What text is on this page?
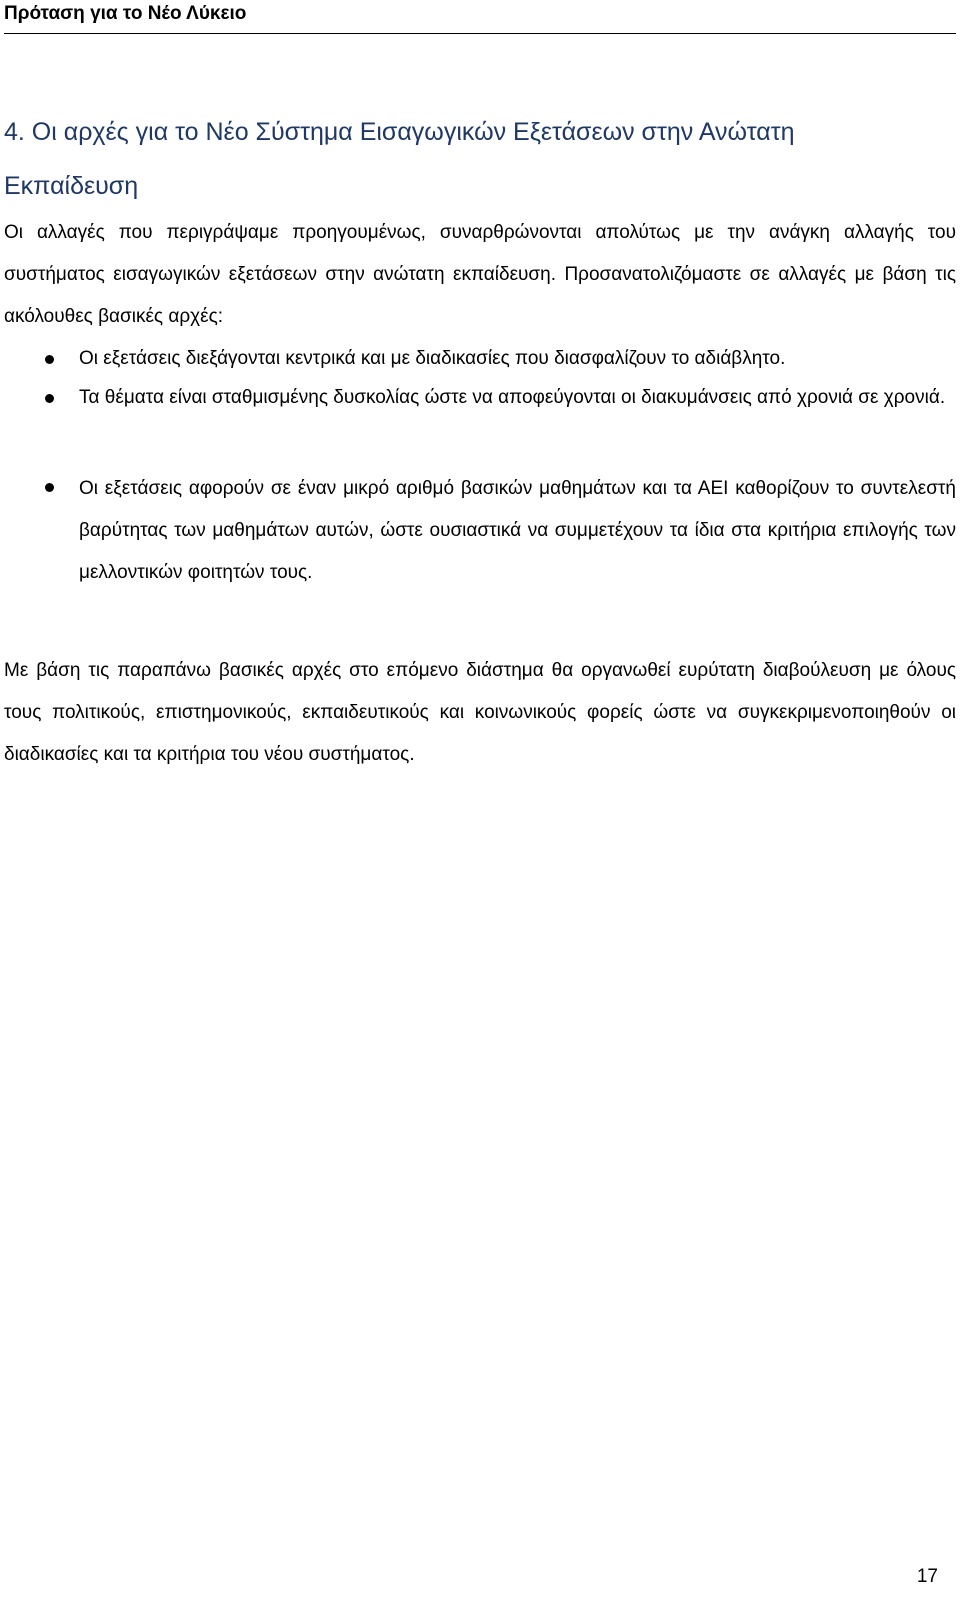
Πρόταση για το Νέο Λύκειο
4. Οι αρχές για το Νέο Σύστημα Εισαγωγικών Εξετάσεων στην Ανώτατη Εκπαίδευση

Οι αλλαγές που περιγράψαμε προηγουμένως, συναρθρώνονται απολύτως με την ανάγκη αλλαγής του συστήματος εισαγωγικών εξετάσεων στην ανώτατη εκπαίδευση. Προσανατολιζόμαστε σε αλλαγές με βάση τις ακόλουθες βασικές αρχές:

Οι εξετάσεις διεξάγονται κεντρικά και με διαδικασίες που διασφαλίζουν το αδιάβλητο.

Τα θέματα είναι σταθμισμένης δυσκολίας ώστε να αποφεύγονται οι διακυμάνσεις από χρονιά σε χρονιά.

Οι εξετάσεις αφορούν σε έναν μικρό αριθμό βασικών μαθημάτων και τα ΑΕΙ καθορίζουν το συντελεστή βαρύτητας των μαθημάτων αυτών, ώστε ουσιαστικά να συμμετέχουν τα ίδια στα κριτήρια επιλογής των μελλοντικών φοιτητών τους.

Με βάση τις παραπάνω βασικές αρχές στο επόμενο διάστημα θα οργανωθεί ευρύτατη διαβούλευση με όλους τους πολιτικούς, επιστημονικούς, εκπαιδευτικούς και κοινωνικούς φορείς ώστε να συγκεκριμενοποιηθούν οι διαδικασίες και τα κριτήρια του νέου συστήματος.

17
